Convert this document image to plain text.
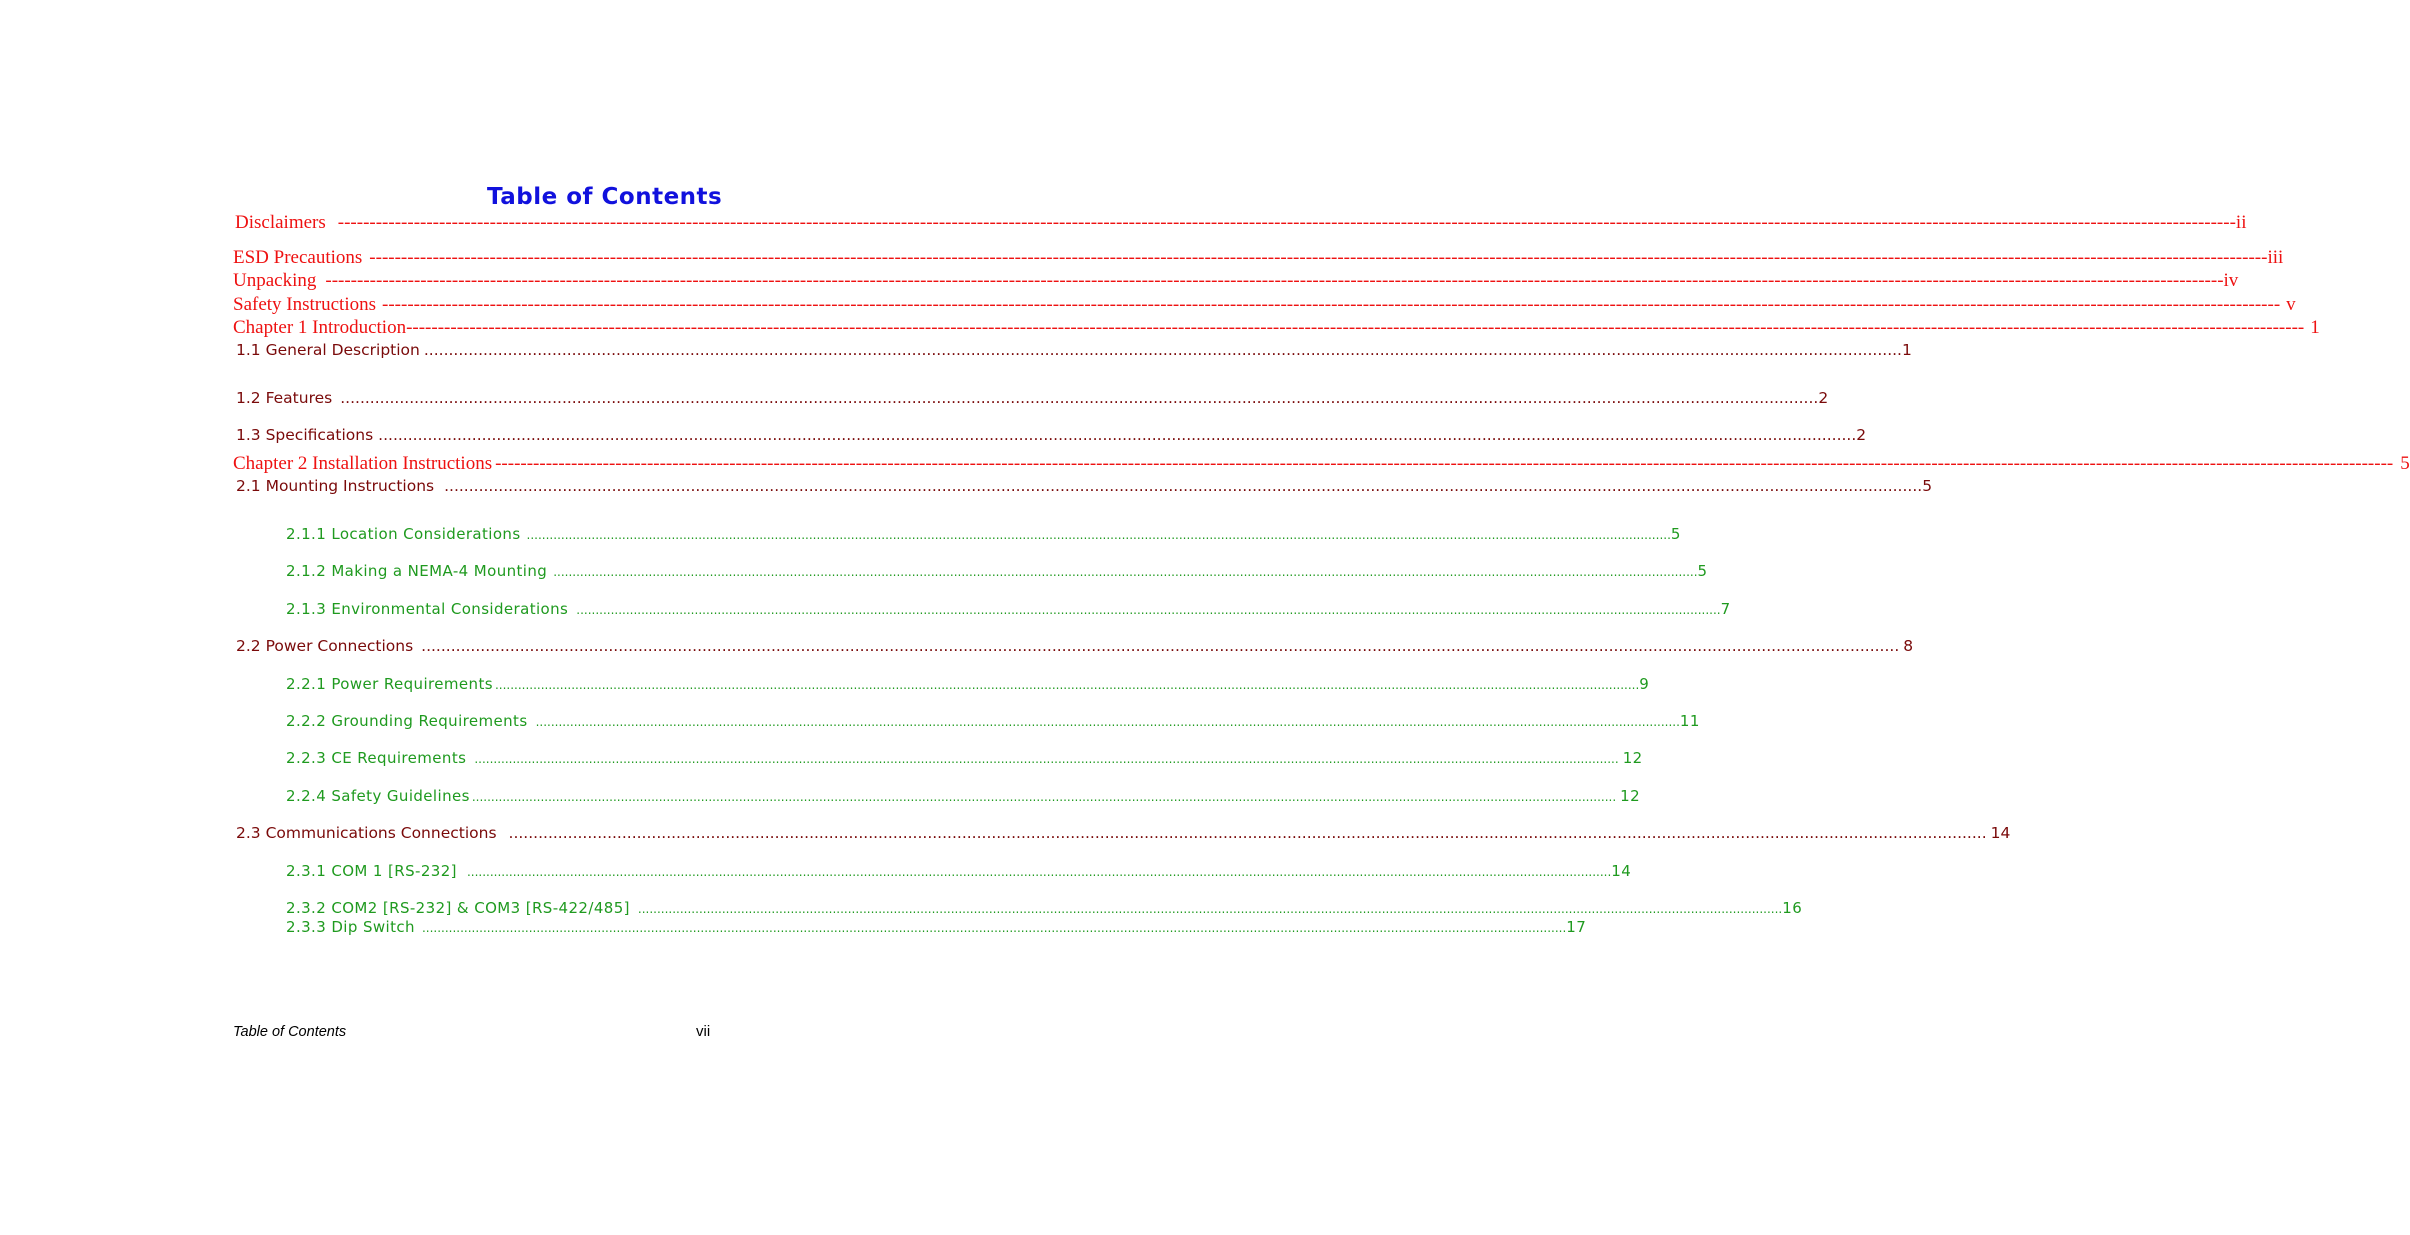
Table of Contents
Disclaimers ------------------------------------------------------------------------------------------------------------------------------------------------------------------------------------------------------------------------------------------------------------------------------------------------------------ ii
ESD Precautions ------------------------------------------------------------------------------------------------------------------------------------------------------------------------------------------------------------------------------------------------------------------------------------------------------------ iii
Unpacking ------------------------------------------------------------------------------------------------------------------------------------------------------------------------------------------------------------------------------------------------------------------------------------------------------------ iv
Safety Instructions ------------------------------------------------------------------------------------------------------------------------------------------------------------------------------------------------------------------------------------------------------------------------------------------------------------ v
Chapter 1 Introduction ------------------------------------------------------------------------------------------------------------------------------------------------------------------------------------------------------------------------------------------------------------------------------------------------------------ 1
1.1 General Description ............................................................................................................................................................................................................................................................................................................ 1
1.2 Features ............................................................................................................................................................................................................................................................................................................ 2
1.3 Specifications ............................................................................................................................................................................................................................................................................................................ 2
Chapter 2 Installation Instructions ------------------------------------------------------------------------------------------------------------------------------------------------------------------------------------------------------------------------------------------------------------------------------------------------------------ 5
2.1 Mounting Instructions ............................................................................................................................................................................................................................................................................................................ 5
2.1.1 Location Considerations ............................................................................................................................................................................................................................................................................................................ 5
2.1.2 Making a NEMA-4 Mounting ............................................................................................................................................................................................................................................................................................................ 5
2.1.3 Environmental Considerations ............................................................................................................................................................................................................................................................................................................ 7
2.2 Power Connections ............................................................................................................................................................................................................................................................................................................ 8
2.2.1 Power Requirements ............................................................................................................................................................................................................................................................................................................ 9
2.2.2 Grounding Requirements ............................................................................................................................................................................................................................................................................................................ 11
2.2.3 CE Requirements ............................................................................................................................................................................................................................................................................................................ 12
2.2.4 Safety Guidelines ............................................................................................................................................................................................................................................................................................................ 12
2.3 Communications Connections ............................................................................................................................................................................................................................................................................................................ 14
2.3.1 COM 1 [RS-232] ............................................................................................................................................................................................................................................................................................................ 14
2.3.2 COM2 [RS-232] & COM3 [RS-422/485] ............................................................................................................................................................................................................................................................................................................ 16
2.3.3 Dip Switch ............................................................................................................................................................................................................................................................................................................ 17
Table of Contents	vii
